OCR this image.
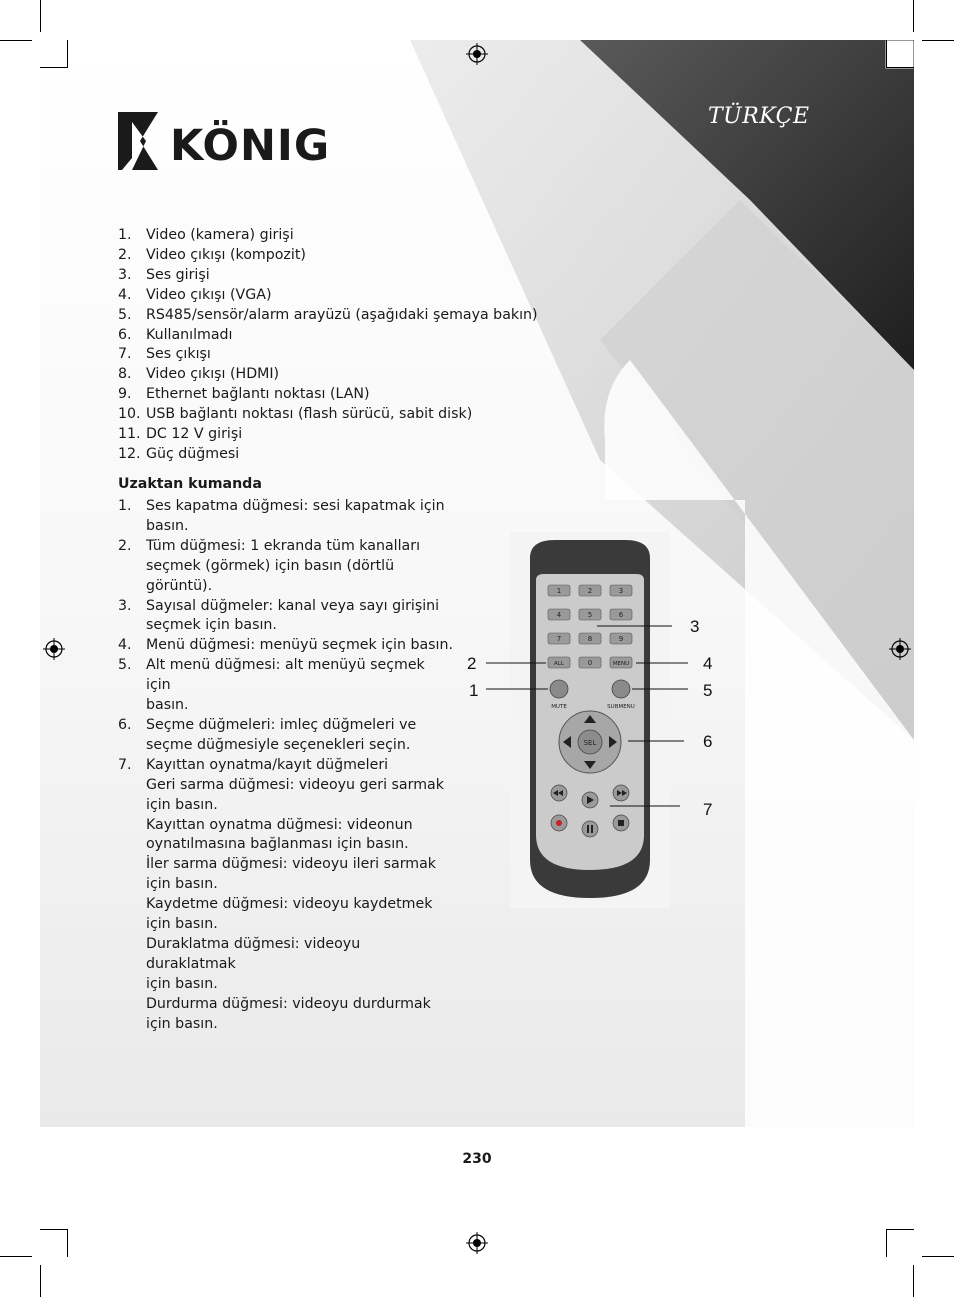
KÖNIG
TÜRKÇE
1. Video (kamera) girişi
2. Video çıkışı (kompozit)
3. Ses girişi
4. Video çıkışı (VGA)
5. RS485/sensör/alarm arayüzü (aşağıdaki şemaya bakın)
6. Kullanılmadı
7. Ses çıkışı
8. Video çıkışı (HDMI)
9. Ethernet bağlantı noktası (LAN)
10. USB bağlantı noktası (flash sürücü, sabit disk)
11. DC 12 V girişi
12. Güç düğmesi
Uzaktan kumanda
1. Ses kapatma düğmesi: sesi kapatmak için
basın.
2. Tüm düğmesi: 1 ekranda tüm kanalları
seçmek (görmek) için basın (dörtlü
görüntü).
3. Sayısal düğmeler: kanal veya sayı girişini
seçmek için basın.
4. Menü düğmesi: menüyü seçmek için basın.
5. Alt menü düğmesi: alt menüyü seçmek için
basın.
6. Seçme düğmeleri: imleç düğmeleri ve
seçme düğmesiyle seçenekleri seçin.
7. Kayıttan oynatma/kayıt düğmeleri
Geri sarma düğmesi: videoyu geri sarmak
için basın.
Kayıttan oynatma düğmesi: videonun
oynatılmasına bağlanması için basın.
İler sarma düğmesi: videoyu ileri sarmak
için basın.
Kaydetme düğmesi: videoyu kaydetmek
için basın.
Duraklatma düğmesi: videoyu duraklatmak
için basın.
Durdurma düğmesi: videoyu durdurmak
için basın.
1	2	3
4	5	6
7	8	9
ALL	0	MENU
MUTE	SUBMENU
SEL
3
2	4
1	5
6
7
230
